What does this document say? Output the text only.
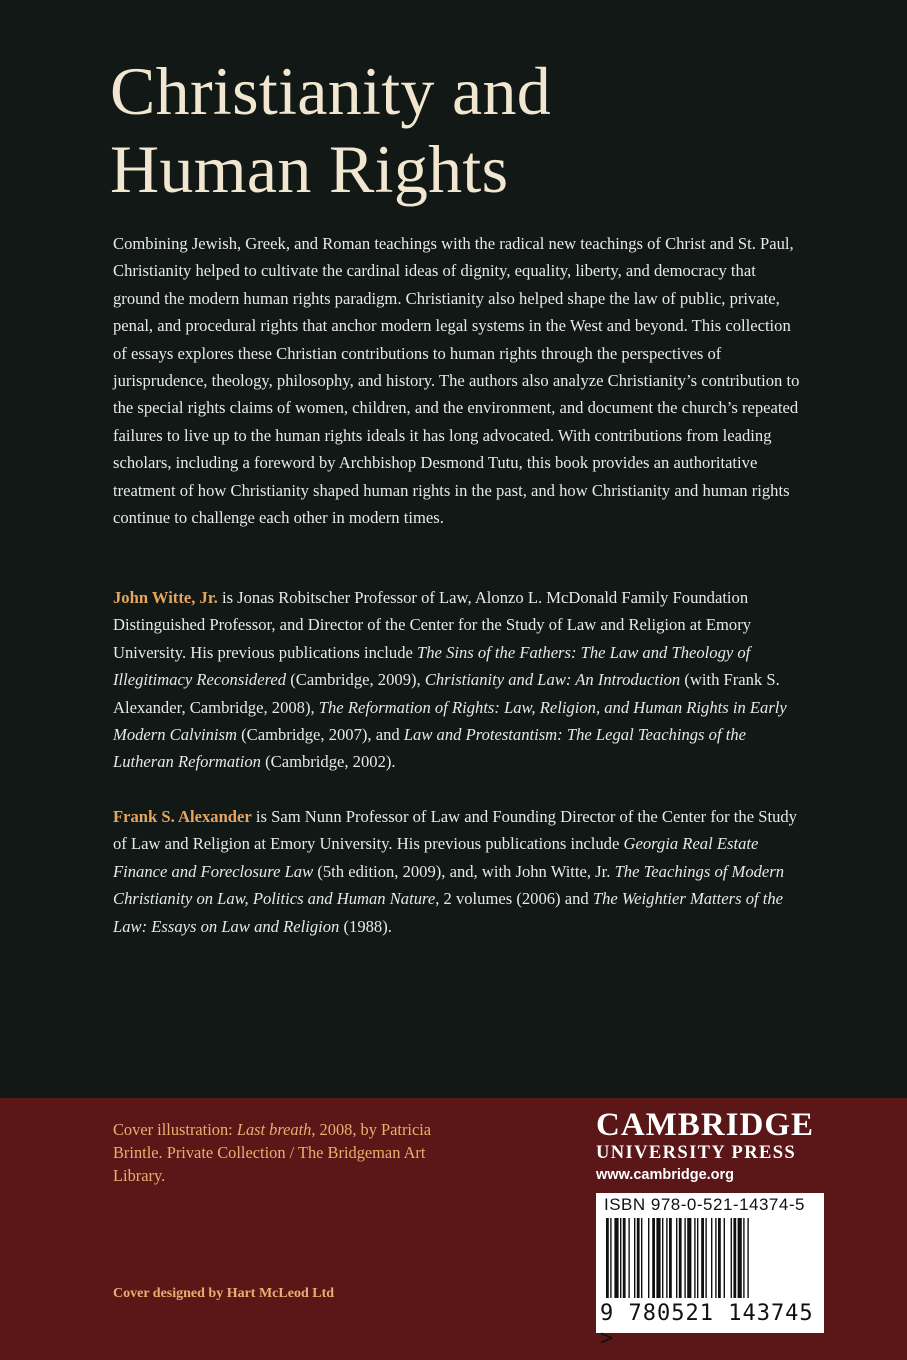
Christianity and
Human Rights

Combining Jewish, Greek, and Roman teachings with the radical new teachings of Christ and St. Paul, Christianity helped to cultivate the cardinal ideas of dignity, equality, liberty, and democracy that ground the modern human rights paradigm. Christianity also helped shape the law of public, private, penal, and procedural rights that anchor modern legal systems in the West and beyond. This collection of essays explores these Christian contributions to human rights through the perspectives of jurisprudence, theology, philosophy, and history. The authors also analyze Christianity’s contribution to the special rights claims of women, children, and the environment, and document the church’s repeated failures to live up to the human rights ideals it has long advocated. With contributions from leading scholars, including a foreword by Archbishop Desmond Tutu, this book provides an authoritative treatment of how Christianity shaped human rights in the past, and how Christianity and human rights continue to challenge each other in modern times.

John Witte, Jr. is Jonas Robitscher Professor of Law, Alonzo L. McDonald Family Foundation Distinguished Professor, and Director of the Center for the Study of Law and Religion at Emory University. His previous publications include The Sins of the Fathers: The Law and Theology of Illegitimacy Reconsidered (Cambridge, 2009), Christianity and Law: An Introduction (with Frank S. Alexander, Cambridge, 2008), The Reformation of Rights: Law, Religion, and Human Rights in Early Modern Calvinism (Cambridge, 2007), and Law and Protestantism: The Legal Teachings of the Lutheran Reformation (Cambridge, 2002).

Frank S. Alexander is Sam Nunn Professor of Law and Founding Director of the Center for the Study of Law and Religion at Emory University. His previous publications include Georgia Real Estate Finance and Foreclosure Law (5th edition, 2009), and, with John Witte, Jr. The Teachings of Modern Christianity on Law, Politics and Human Nature, 2 volumes (2006) and The Weightier Matters of the Law: Essays on Law and Religion (1988).

Cover illustration: Last breath, 2008, by Patricia Brintle. Private Collection / The Bridgeman Art Library.

Cover designed by Hart McLeod Ltd

CAMBRIDGE
UNIVERSITY PRESS
www.cambridge.org
ISBN 978-0-521-14374-5
9 780521 143745 >
